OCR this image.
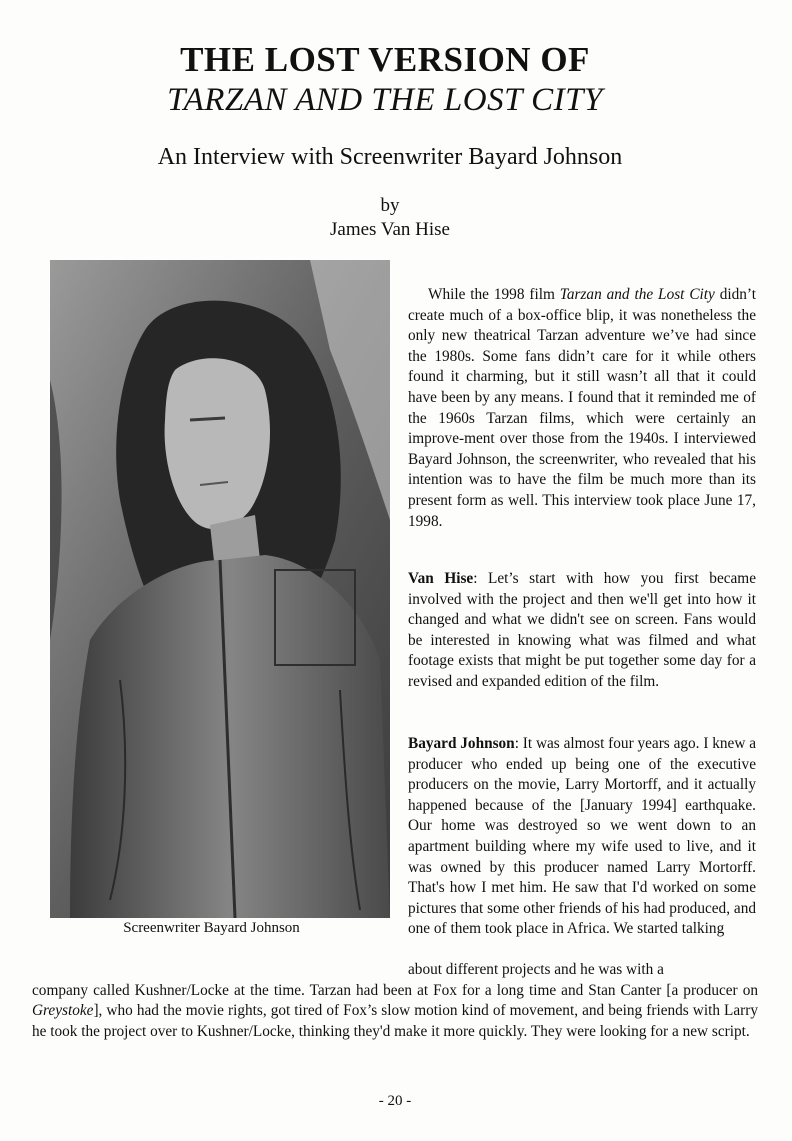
THE LOST VERSION OF
TARZAN AND THE LOST CITY
An Interview with Screenwriter Bayard Johnson
by
James Van Hise
Screenwriter Bayard Johnson

While the 1998 film Tarzan and the Lost City didn’t create much of a box-office blip, it was nonetheless the only new theatrical Tarzan adventure we’ve had since the 1980s. Some fans didn’t care for it while others found it charming, but it still wasn’t all that it could have been by any means. I found that it reminded me of the 1960s Tarzan films, which were certainly an improve-ment over those from the 1940s. I interviewed Bayard Johnson, the screenwriter, who revealed that his intention was to have the film be much more than its present form as well. This interview took place June 17, 1998.

Van Hise: Let’s start with how you first became involved with the project and then we'll get into how it changed and what we didn't see on screen. Fans would be interested in knowing what was filmed and what footage exists that might be put together some day for a revised and expanded edition of the film.

Bayard Johnson: It was almost four years ago. I knew a producer who ended up being one of the executive producers on the movie, Larry Mortorff, and it actually happened because of the [January 1994] earthquake. Our home was destroyed so we went down to an apartment building where my wife used to live, and it was owned by this producer named Larry Mortorff. That's how I met him. He saw that I'd worked on some pictures that some other friends of his had produced, and one of them took place in Africa. We started talking

about different projects and he was with a
company called Kushner/Locke at the time. Tarzan had been at Fox for a long time and Stan Canter [a producer on Greystoke], who had the movie rights, got tired of Fox’s slow motion kind of movement, and being friends with Larry he took the project over to Kushner/Locke, thinking they'd make it more quickly. They were looking for a new script.

- 20 -
